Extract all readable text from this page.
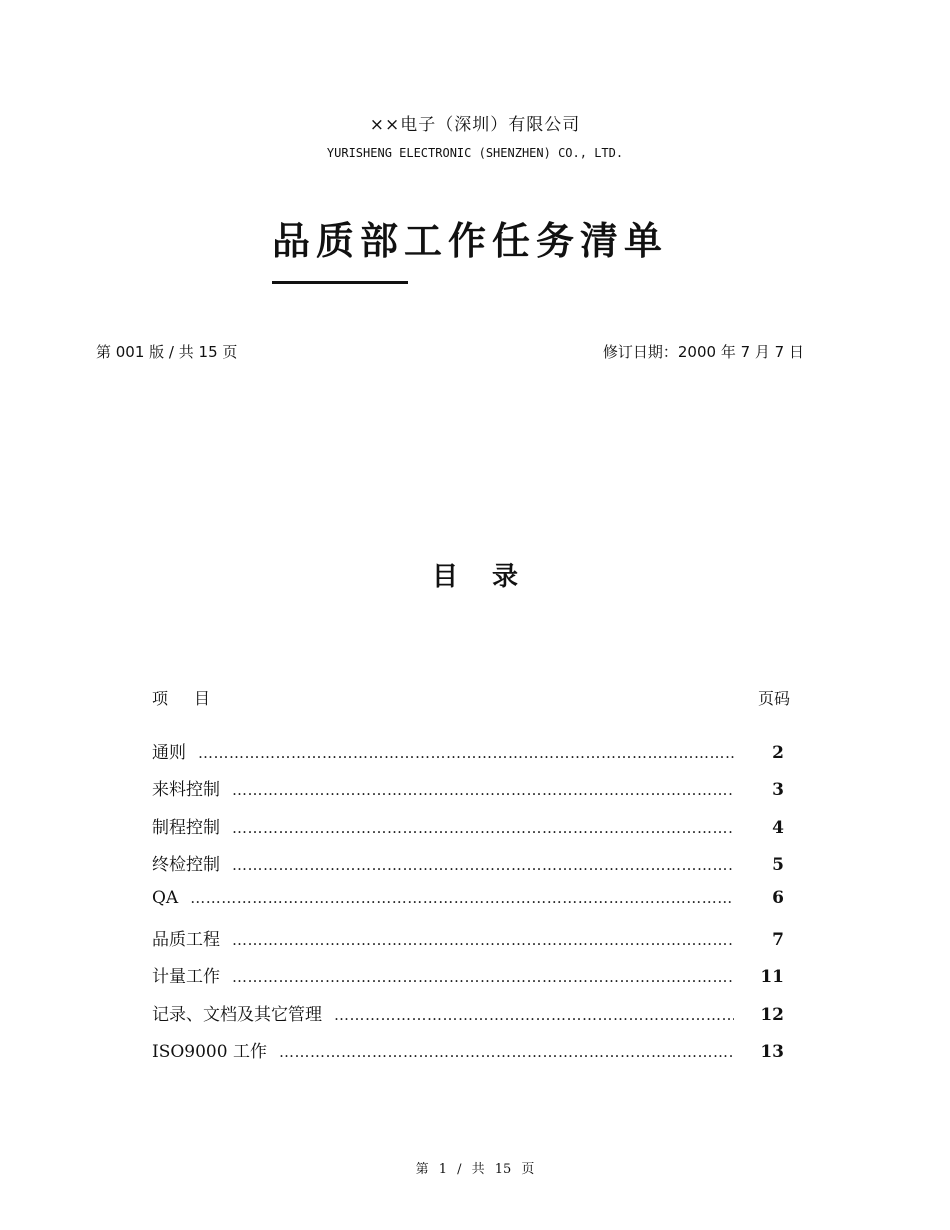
××电子（深圳）有限公司
YURISHENG ELECTRONIC (SHENZHEN) CO., LTD.
品质部工作任务清单
第 001 版 / 共 15 页	修订日期：2000 年 7 月 7 日
目录
项目	页码
通则 ……………………………………………………………………………………………………………………………………………………	2
来料控制 ……………………………………………………………………………………………………………………………………………………	3
制程控制 ……………………………………………………………………………………………………………………………………………………	4
终检控制 ……………………………………………………………………………………………………………………………………………………	5
QA ……………………………………………………………………………………………………………………………………………………	6
品质工程 ……………………………………………………………………………………………………………………………………………………	7
计量工作 ……………………………………………………………………………………………………………………………………………………	11
记录、文档及其它管理 ……………………………………………………………………………………………………………………………………………………	12
ISO9000 工作 ……………………………………………………………………………………………………………………………………………………	13
第 1 / 共 15 页
